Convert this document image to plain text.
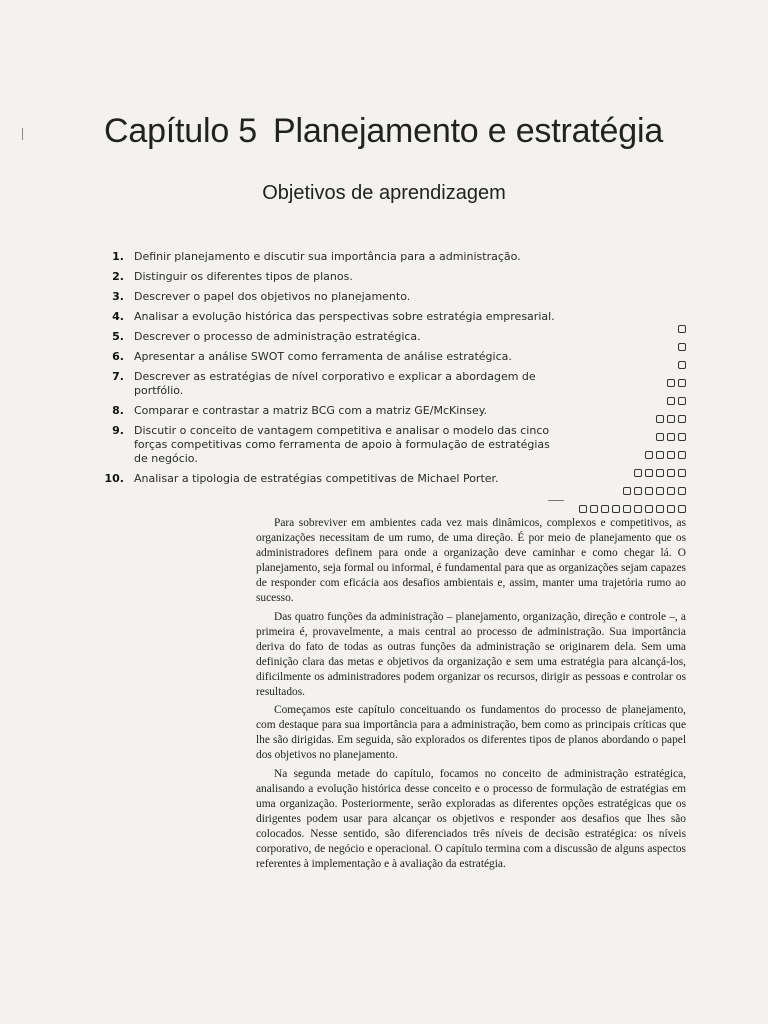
Capítulo 5 Planejamento e estratégia
Objetivos de aprendizagem
1. Definir planejamento e discutir sua importância para a administração.
2. Distinguir os diferentes tipos de planos.
3. Descrever o papel dos objetivos no planejamento.
4. Analisar a evolução histórica das perspectivas sobre estratégia empresarial.
5. Descrever o processo de administração estratégica.
6. Apresentar a análise SWOT como ferramenta de análise estratégica.
7. Descrever as estratégias de nível corporativo e explicar a abordagem de portfólio.
8. Comparar e contrastar a matriz BCG com a matriz GE/McKinsey.
9. Discutir o conceito de vantagem competitiva e analisar o modelo das cinco forças competitivas como ferramenta de apoio à formulação de estratégias de negócio.
10. Analisar a tipologia de estratégias competitivas de Michael Porter.

Para sobreviver em ambientes cada vez mais dinâmicos, complexos e competitivos, as organizações necessitam de um rumo, de uma direção. É por meio de planejamento que os administradores definem para onde a organização deve caminhar e como chegar lá. O planejamento, seja formal ou informal, é fundamental para que as organizações sejam capazes de responder com eficácia aos desafios ambientais e, assim, manter uma trajetória rumo ao sucesso.

Das quatro funções da administração – planejamento, organização, direção e controle –, a primeira é, provavelmente, a mais central ao processo de administração. Sua importância deriva do fato de todas as outras funções da administração se originarem dela. Sem uma definição clara das metas e objetivos da organização e sem uma estratégia para alcançá-los, dificilmente os administradores podem organizar os recursos, dirigir as pessoas e controlar os resultados.

Começamos este capítulo conceituando os fundamentos do processo de planejamento, com destaque para sua importância para a administração, bem como as principais críticas que lhe são dirigidas. Em seguida, são explorados os diferentes tipos de planos abordando o papel dos objetivos no planejamento.

Na segunda metade do capítulo, focamos no conceito de administração estratégica, analisando a evolução histórica desse conceito e o processo de formulação de estratégias em uma organização. Posteriormente, serão exploradas as diferentes opções estratégicas que os dirigentes podem usar para alcançar os objetivos e responder aos desafios que lhes são colocados. Nesse sentido, são diferenciados três níveis de decisão estratégica: os níveis corporativo, de negócio e operacional. O capítulo termina com a discussão de alguns aspectos referentes à implementação e à avaliação da estratégia.
